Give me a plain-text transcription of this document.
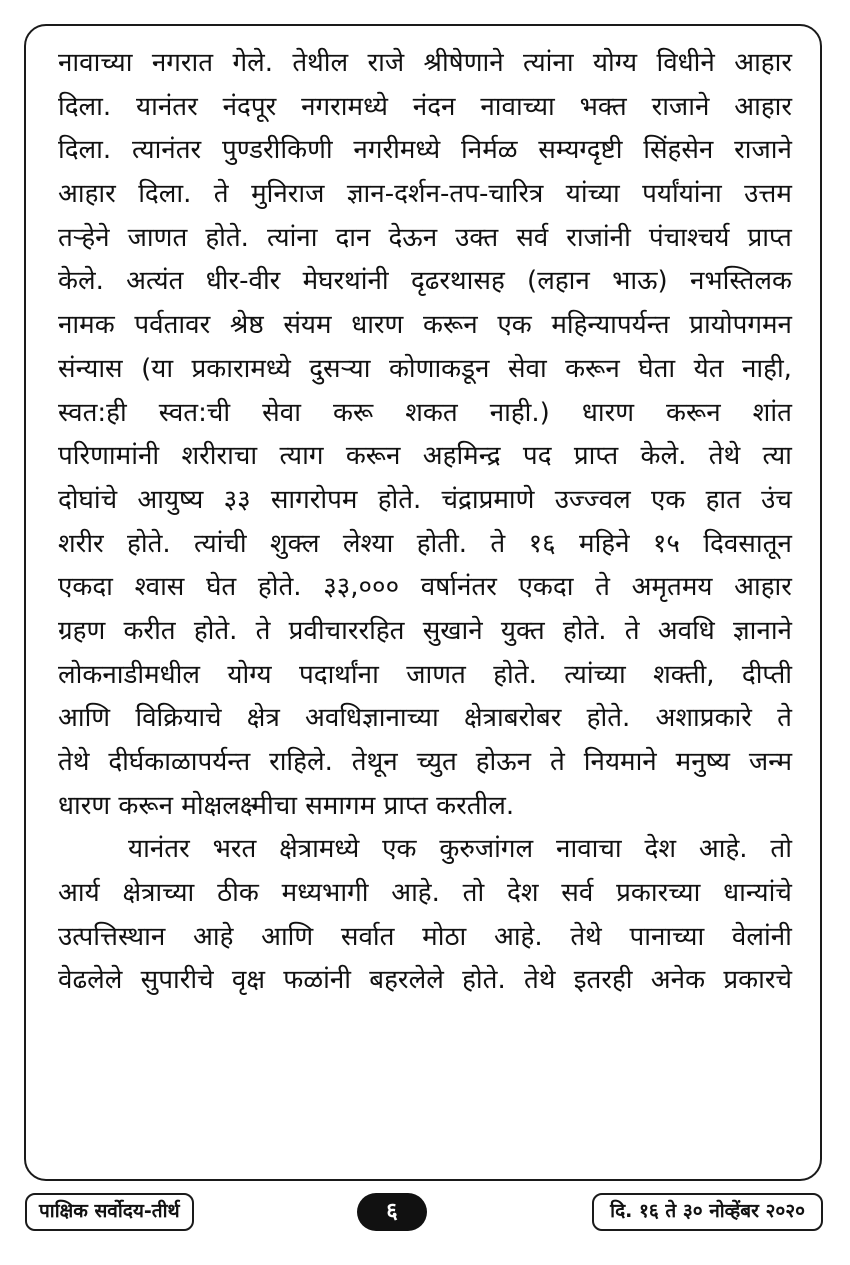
नावाच्या नगरात गेले. तेथील राजे श्रीषेणाने त्यांना योग्य विधीने आहार
दिला. यानंतर नंदपूर नगरामध्ये नंदन नावाच्या भक्त राजाने आहार
दिला. त्यानंतर पुण्डरीकिणी नगरीमध्ये निर्मळ सम्यग्दृष्टी सिंहसेन राजाने
आहार दिला. ते मुनिराज ज्ञान-दर्शन-तप-चारित्र यांच्या पर्यांयांना उत्तम
तऱ्हेने जाणत होते. त्यांना दान देऊन उक्त सर्व राजांनी पंचाश्चर्य प्राप्त
केले. अत्यंत धीर-वीर मेघरथांनी दृढरथासह (लहान भाऊ) नभस्तिलक
नामक पर्वतावर श्रेष्ठ संयम धारण करून एक महिन्यापर्यन्त प्रायोपगमन
संन्यास (या प्रकारामध्ये दुसऱ्या कोणाकडून सेवा करून घेता येत नाही,
स्वत:ही स्वत:ची सेवा करू शकत नाही.) धारण करून शांत
परिणामांनी शरीराचा त्याग करून अहमिन्द्र पद प्राप्त केले. तेथे त्या
दोघांचे आयुष्य ३३ सागरोपम होते. चंद्राप्रमाणे उज्ज्वल एक हात उंच
शरीर होते. त्यांची शुक्ल लेश्या होती. ते १६ महिने १५ दिवसातून
एकदा श्वास घेत होते. ३३,००० वर्षानंतर एकदा ते अमृतमय आहार
ग्रहण करीत होते. ते प्रवीचाररहित सुखाने युक्त होते. ते अवधि ज्ञानाने
लोकनाडीमधील योग्य पदार्थांना जाणत होते. त्यांच्या शक्ती, दीप्ती
आणि विक्रियाचे क्षेत्र अवधिज्ञानाच्या क्षेत्राबरोबर होते. अशाप्रकारे ते
तेथे दीर्घकाळापर्यन्त राहिले. तेथून च्युत होऊन ते नियमाने मनुष्य जन्म
धारण करून मोक्षलक्ष्मीचा समागम प्राप्त करतील.
यानंतर भरत क्षेत्रामध्ये एक कुरुजांगल नावाचा देश आहे. तो
आर्य क्षेत्राच्या ठीक मध्यभागी आहे. तो देश सर्व प्रकारच्या धान्यांचे
उत्पत्तिस्थान आहे आणि सर्वात मोठा आहे. तेथे पानाच्या वेलांनी
वेढलेले सुपारीचे वृक्ष फळांनी बहरलेले होते. तेथे इतरही अनेक प्रकारचे
पाक्षिक सर्वोदय-तीर्थ	६	दि. १६ ते ३० नोव्हेंबर २०२०
